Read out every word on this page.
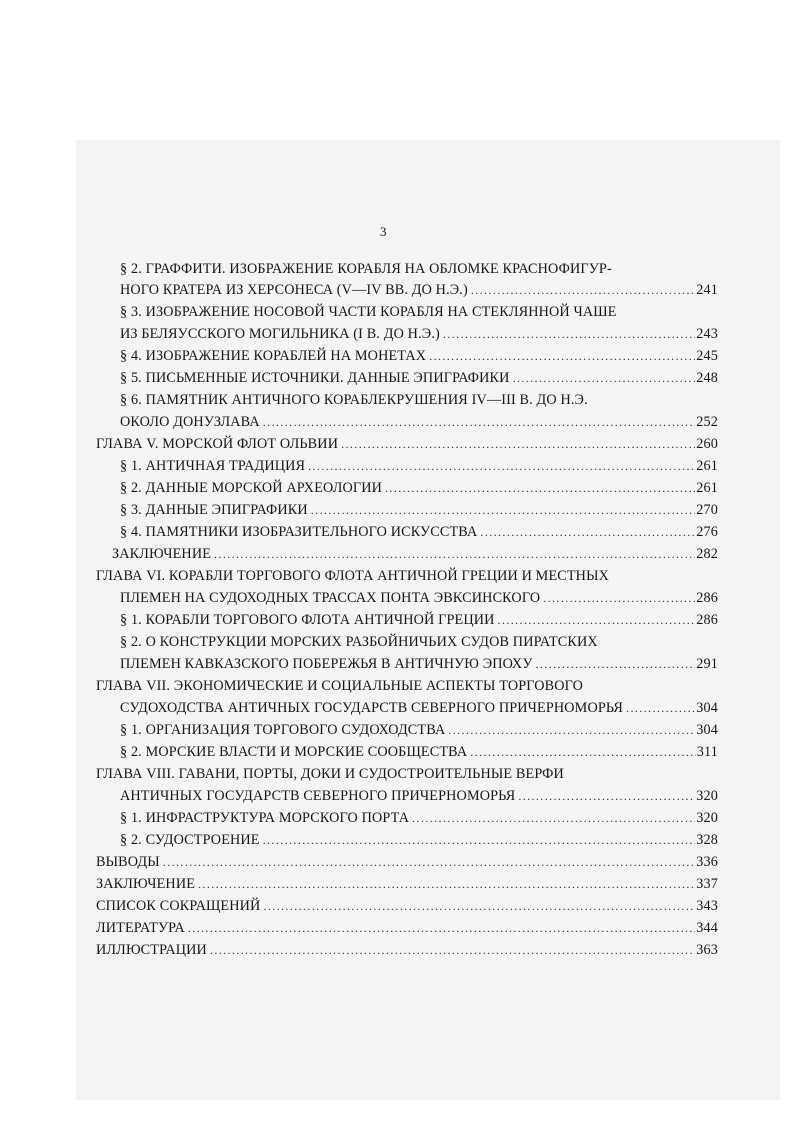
3
§ 2. ГРАФФИТИ. ИЗОБРАЖЕНИЕ КОРАБЛЯ НА ОБЛОМКЕ КРАСНОФИГУР-
НОГО КРАТЕРА ИЗ ХЕРСОНЕСА (V—IV ВВ. ДО Н.Э.) .....	241
§ 3. ИЗОБРАЖЕНИЕ НОСОВОЙ ЧАСТИ КОРАБЛЯ НА СТЕКЛЯННОЙ ЧАШЕ
ИЗ БЕЛЯУССКОГО МОГИЛЬНИКА (I В. ДО Н.Э.) .....	243
§ 4. ИЗОБРАЖЕНИЕ КОРАБЛЕЙ НА МОНЕТАХ .....	245
§ 5. ПИСЬМЕННЫЕ ИСТОЧНИКИ. ДАННЫЕ ЭПИГРАФИКИ .....	248
§ 6. ПАМЯТНИК АНТИЧНОГО КОРАБЛЕКРУШЕНИЯ IV—III В. ДО Н.Э.
ОКОЛО ДОНУЗЛАВА .....	252
ГЛАВА V. МОРСКОЙ ФЛОТ ОЛЬВИИ .....	260
§ 1. АНТИЧНАЯ ТРАДИЦИЯ .....	261
§ 2. ДАННЫЕ МОРСКОЙ АРХЕОЛОГИИ .....	261
§ 3. ДАННЫЕ ЭПИГРАФИКИ .....	270
§ 4. ПАМЯТНИКИ ИЗОБРАЗИТЕЛЬНОГО ИСКУССТВА .....	276
ЗАКЛЮЧЕНИЕ .....	282
ГЛАВА VI. КОРАБЛИ ТОРГОВОГО ФЛОТА АНТИЧНОЙ ГРЕЦИИ И МЕСТНЫХ
ПЛЕМЕН НА СУДОХОДНЫХ ТРАССАХ ПОНТА ЭВКСИНСКОГО .....	286
§ 1. КОРАБЛИ ТОРГОВОГО ФЛОТА АНТИЧНОЙ ГРЕЦИИ .....	286
§ 2. О КОНСТРУКЦИИ МОРСКИХ РАЗБОЙНИЧЬИХ СУДОВ ПИРАТСКИХ
ПЛЕМЕН КАВКАЗСКОГО ПОБЕРЕЖЬЯ В АНТИЧНУЮ ЭПОХУ .....	291
ГЛАВА VII. ЭКОНОМИЧЕСКИЕ И СОЦИАЛЬНЫЕ АСПЕКТЫ ТОРГОВОГО
СУДОХОДСТВА АНТИЧНЫХ ГОСУДАРСТВ СЕВЕРНОГО ПРИЧЕРНОМОРЬЯ .....	304
§ 1. ОРГАНИЗАЦИЯ ТОРГОВОГО СУДОХОДСТВА .....	304
§ 2. МОРСКИЕ ВЛАСТИ И МОРСКИЕ СООБЩЕСТВА .....	311
ГЛАВА VIII. ГАВАНИ, ПОРТЫ, ДОКИ И СУДОСТРОИТЕЛЬНЫЕ ВЕРФИ
АНТИЧНЫХ ГОСУДАРСТВ СЕВЕРНОГО ПРИЧЕРНОМОРЬЯ .....	320
§ 1. ИНФРАСТРУКТУРА МОРСКОГО ПОРТА .....	320
§ 2. СУДОСТРОЕНИЕ .....	328
ВЫВОДЫ .....	336
ЗАКЛЮЧЕНИЕ .....	337
СПИСОК СОКРАЩЕНИЙ .....	343
ЛИТЕРАТУРА .....	344
ИЛЛЮСТРАЦИИ .....	363
